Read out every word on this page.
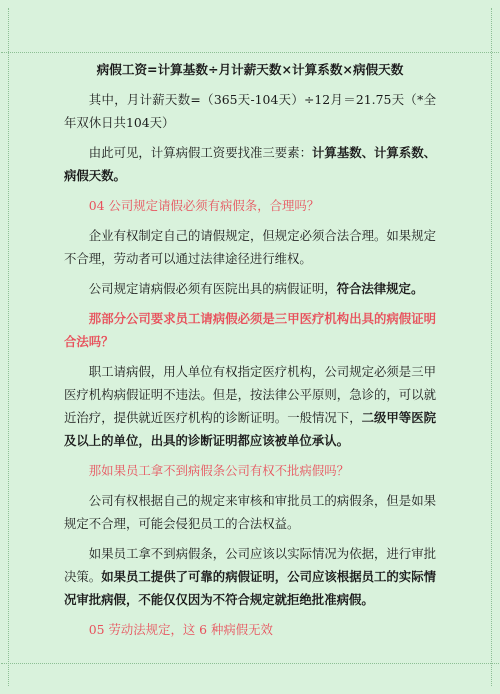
病假工资=计算基数÷月计薪天数×计算系数×病假天数

其中，月计薪天数=（365天-104天）÷12月＝21.75天（*全年双休日共104天）

由此可见，计算病假工资要找准三要素：计算基数、计算系数、病假天数。

04 公司规定请假必须有病假条，合理吗？

企业有权制定自己的请假规定，但规定必须合法合理。如果规定不合理，劳动者可以通过法律途径进行维权。

公司规定请病假必须有医院出具的病假证明，符合法律规定。

那部分公司要求员工请病假必须是三甲医疗机构出具的病假证明合法吗？

职工请病假，用人单位有权指定医疗机构，公司规定必须是三甲医疗机构病假证明不违法。但是，按法律公平原则，急诊的，可以就近治疗，提供就近医疗机构的诊断证明。一般情况下，二级甲等医院及以上的单位，出具的诊断证明都应该被单位承认。

那如果员工拿不到病假条公司有权不批病假吗？

公司有权根据自己的规定来审核和审批员工的病假条，但是如果规定不合理，可能会侵犯员工的合法权益。

如果员工拿不到病假条，公司应该以实际情况为依据，进行审批决策。如果员工提供了可靠的病假证明，公司应该根据员工的实际情况审批病假，不能仅仅因为不符合规定就拒绝批准病假。

05 劳动法规定，这 6 种病假无效
